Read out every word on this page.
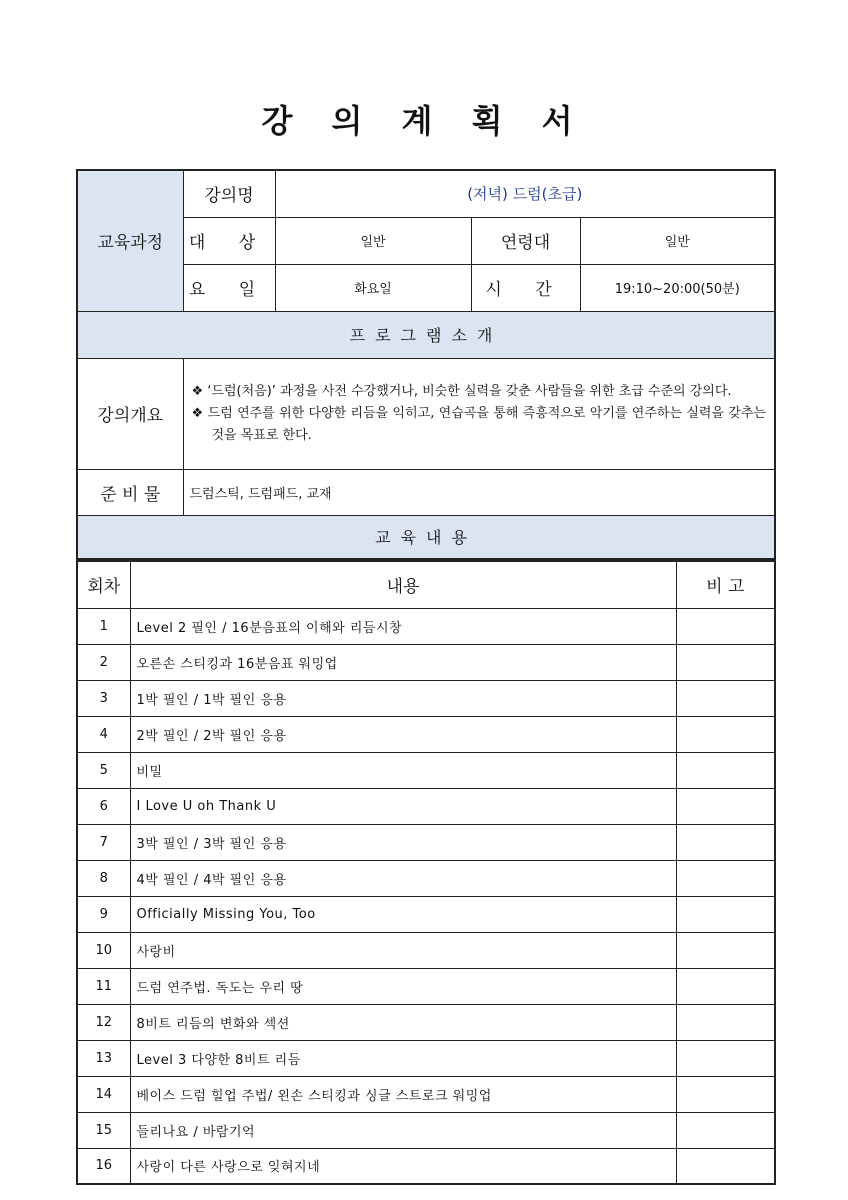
강 의 계 획 서
교육과정	강의명	(저녁) 드럼(초급)		
	대 상	일반	연령대	일반
	요 일	화요일	시 간	19:10~20:00(50분)
프로그램소개				
강의개요	❖ ‘드럼(처음)’ 과정을 사전 수강했거나, 비슷한 실력을 갖춘 사람들을 위한 초급 수준의 강의다.
❖ 드럼 연주를 위한 다양한 리듬을 익히고, 연습곡을 통해 즉흥적으로 악기를 연주하는 실력을 갖추는 것을 목표로 한다.			

준 비 물	드럼스틱, 드럼패드, 교재			
교육내용				
회차	내용	비 고
1	Level 2 필인 / 16분음표의 이해와 리듬시창	
2	오른손 스티킹과 16분음표 워밍업	
3	1박 필인 / 1박 필인 응용	
4	2박 필인 / 2박 필인 응용	
5	비밀	
6	I Love U oh Thank U	
7	3박 필인 / 3박 필인 응용	
8	4박 필인 / 4박 필인 응용	
9	Officially Missing You, Too	
10	사랑비	
11	드럼 연주법. 독도는 우리 땅	
12	8비트 리듬의 변화와 섹션	
13	Level 3 다양한 8비트 리듬	
14	베이스 드럼 힐업 주법/ 왼손 스티킹과 싱글 스트로크 워밍업	
15	들리나요 / 바람기억	
16	사랑이 다른 사랑으로 잊혀지네	
